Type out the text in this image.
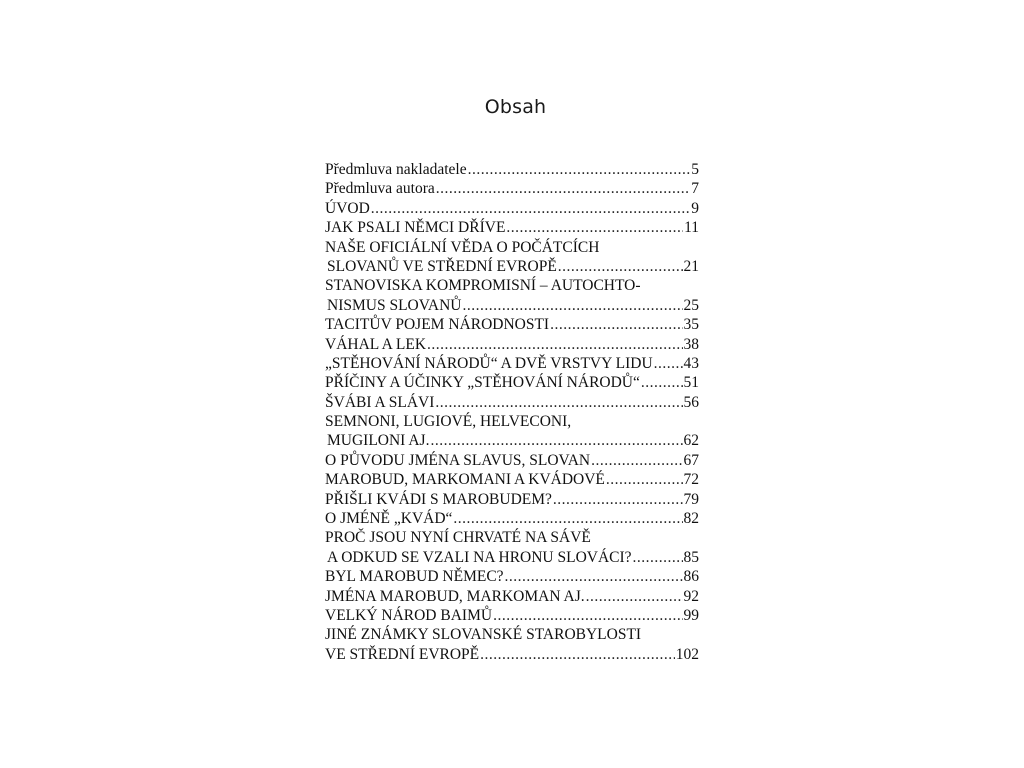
Obsah
Předmluva nakladatele .....	5
Předmluva autora .....	7
ÚVOD .....	9
JAK PSALI NĚMCI DŘÍVE .....	11
NAŠE OFICIÁLNÍ VĚDA O POČÁTCÍCH
SLOVANŮ VE STŘEDNÍ EVROPĚ .....	21
STANOVISKA KOMPROMISNÍ – AUTOCHTO-
NISMUS SLOVANŮ .....	25
TACITŮV POJEM NÁRODNOSTI .....	35
VÁHAL A LEK .....	38
„STĚHOVÁNÍ NÁRODŮ“ A DVĚ VRSTVY LIDU ..... 43
PŘÍČINY A ÚČINKY „STĚHOVÁNÍ NÁRODŮ“ .....	51
ŠVÁBI A SLÁVI .....	56
SEMNONI, LUGIOVÉ, HELVECONI,
MUGILONI AJ. .....	62
O PŮVODU JMÉNA SLAVUS, SLOVAN .....	67
MAROBUD, MARKOMANI A KVÁDOVÉ .....	72
PŘIŠLI KVÁDI S MAROBUDEM? .....	79
O JMÉNĚ „KVÁD“ .....	82
PROČ JSOU NYNÍ CHRVATÉ NA SÁVĚ
A ODKUD SE VZALI NA HRONU SLOVÁCI? .....	85
BYL MAROBUD NĚMEC? .....	86
JMÉNA MAROBUD, MARKOMAN AJ. .....	92
VELKÝ NÁROD BAIMŮ .....	99
JINÉ ZNÁMKY SLOVANSKÉ STAROBYLOSTI
VE STŘEDNÍ EVROPĚ .....	102
